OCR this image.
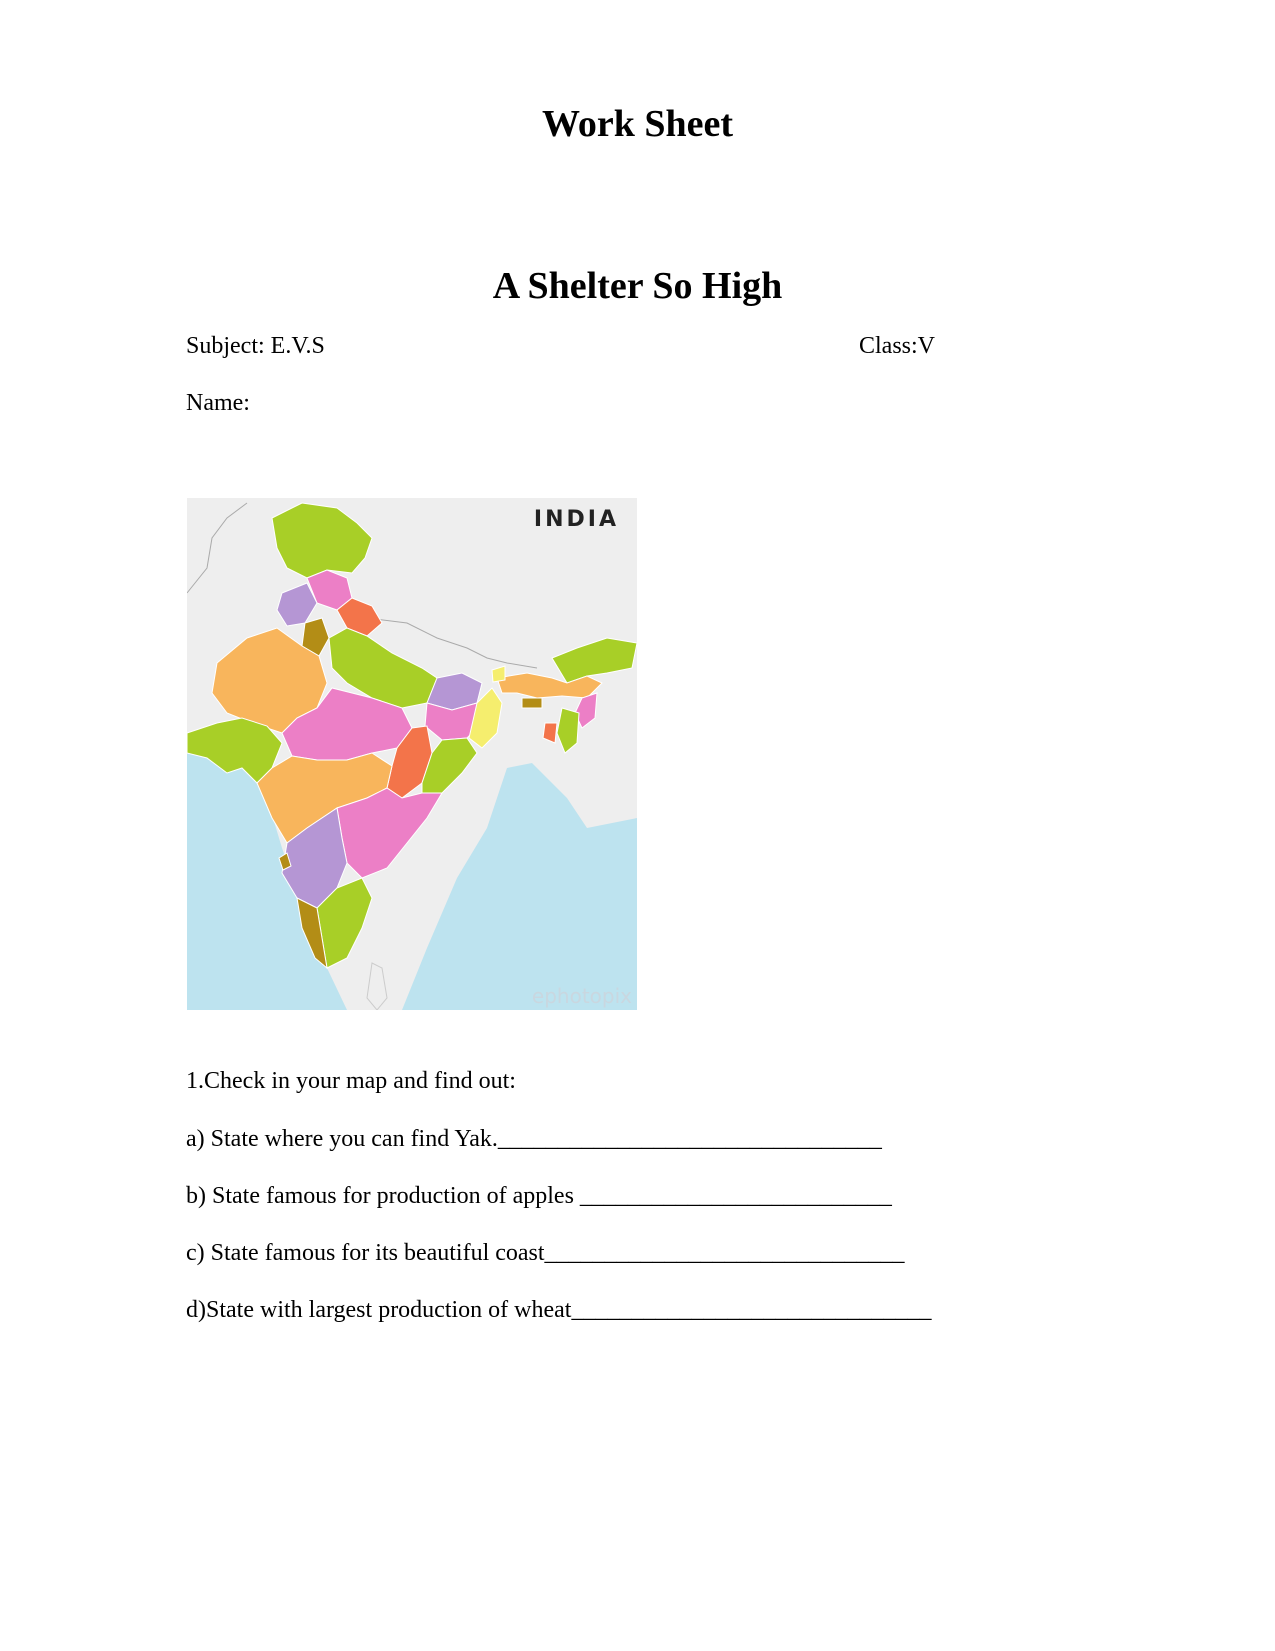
Work Sheet
A Shelter So High
Subject: E.V.S	Class:V
Name:
INDIA
ephotopix
1.Check in your map and find out:
a) State where you can find Yak.________________________________
b) State famous for production of apples __________________________
c) State famous for its beautiful coast______________________________
d)State with largest production of wheat______________________________
